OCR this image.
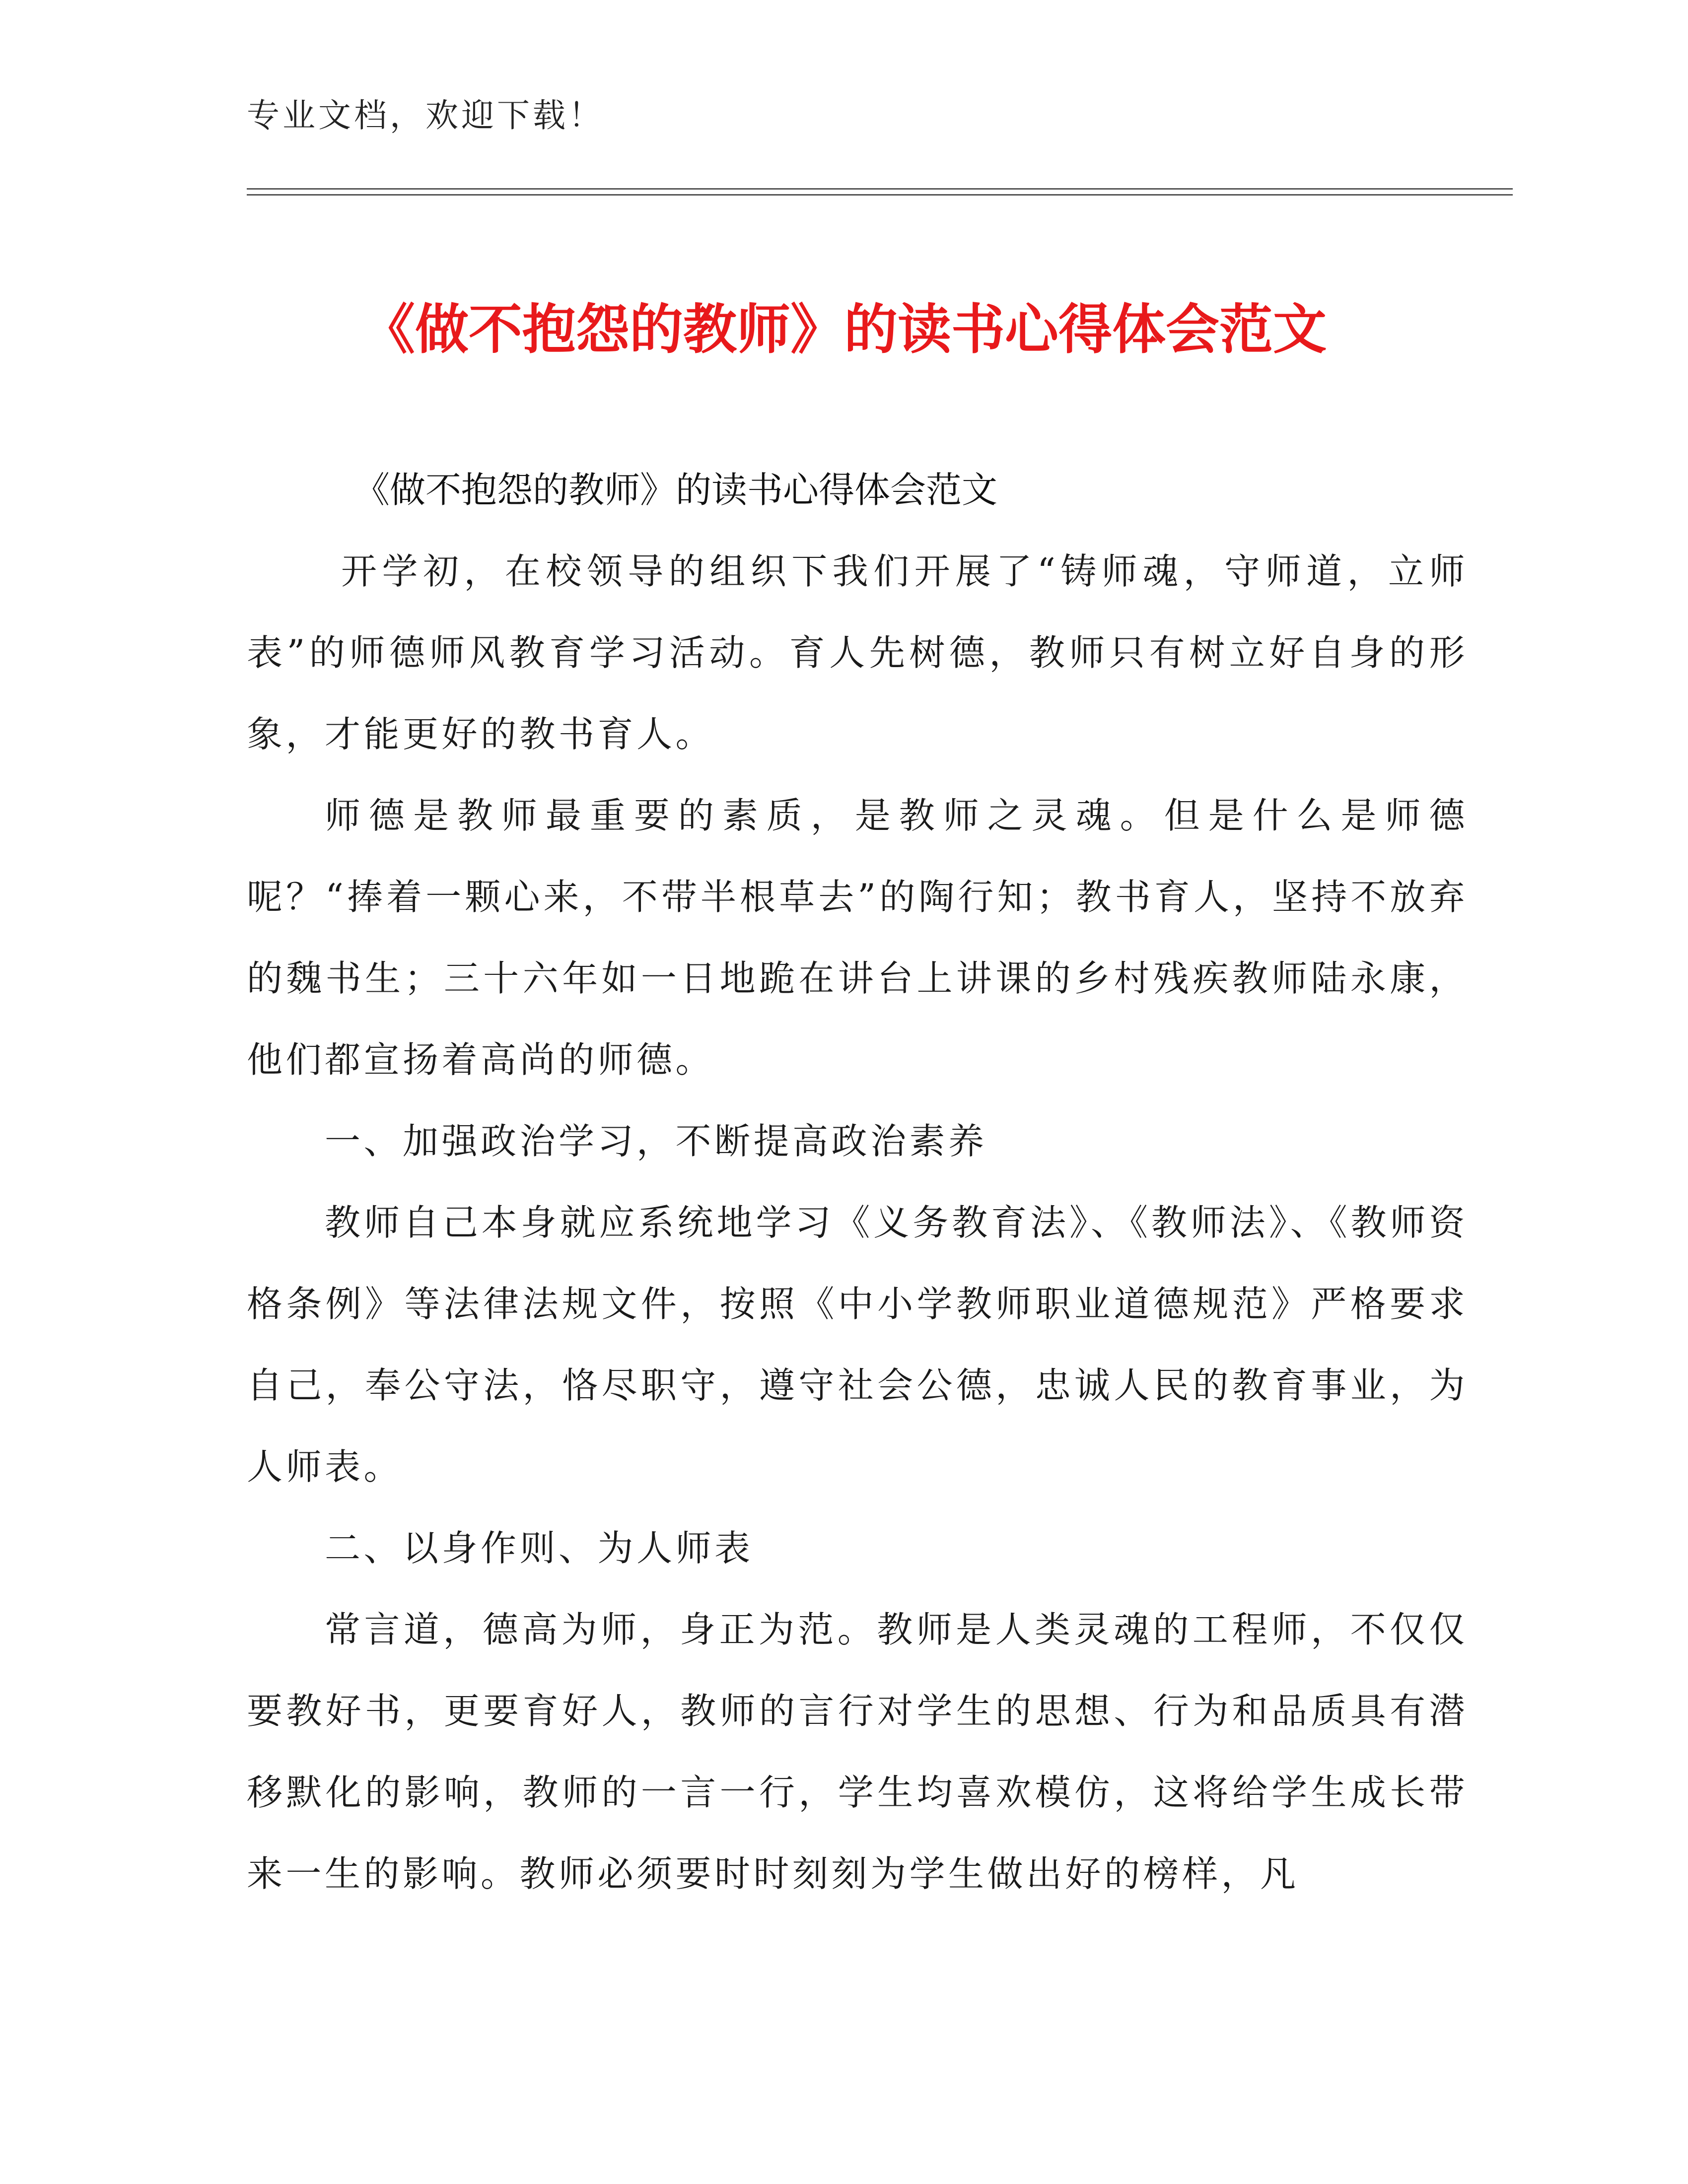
专业文档，欢迎下载！
《做不抱怨的教师》的读书心得体会范文

《做不抱怨的教师》的读书心得体会范文

开学初，在校领导的组织下我们开展了“铸师魂，守师道，立师表”的师德师风教育学习活动。育人先树德，教师只有树立好自身的形象，才能更好的教书育人。

师德是教师最重要的素质，是教师之灵魂。但是什么是师德呢？“捧着一颗心来，不带半根草去”的陶行知；教书育人，坚持不放弃的魏书生；三十六年如一日地跪在讲台上讲课的乡村残疾教师陆永康，他们都宣扬着高尚的师德。

一、加强政治学习，不断提高政治素养

教师自己本身就应系统地学习《义务教育法》、《教师法》、《教师资格条例》等法律法规文件，按照《中小学教师职业道德规范》严格要求自己，奉公守法，恪尽职守，遵守社会公德，忠诚人民的教育事业，为人师表。

二、以身作则、为人师表

常言道，德高为师，身正为范。教师是人类灵魂的工程师，不仅仅要教好书，更要育好人，教师的言行对学生的思想、行为和品质具有潜移默化的影响，教师的一言一行，学生均喜欢模仿，这将给学生成长带来一生的影响。教师必须要时时刻刻为学生做出好的榜样，凡
